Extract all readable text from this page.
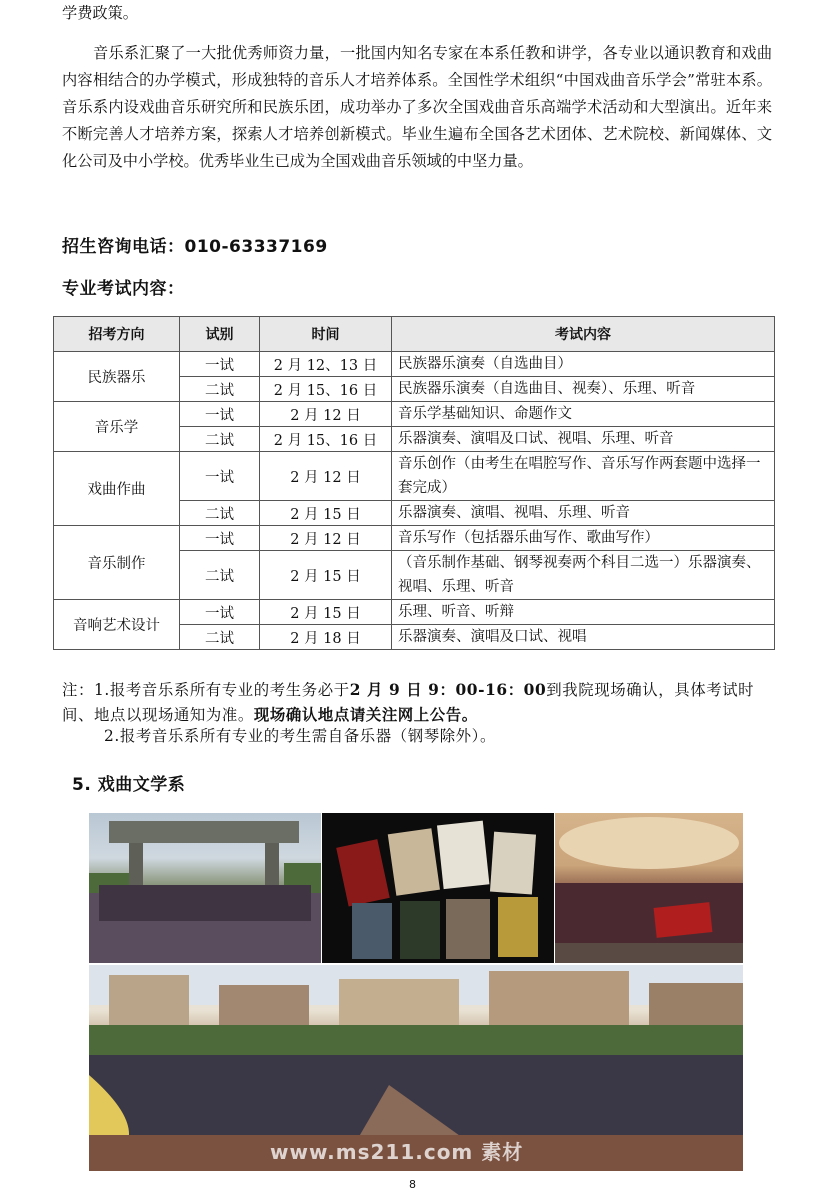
学费政策。

音乐系汇聚了一大批优秀师资力量，一批国内知名专家在本系任教和讲学，各专业以通识教育和戏曲内容相结合的办学模式，形成独特的音乐人才培养体系。全国性学术组织“中国戏曲音乐学会”常驻本系。音乐系内设戏曲音乐研究所和民族乐团，成功举办了多次全国戏曲音乐高端学术活动和大型演出。近年来不断完善人才培养方案，探索人才培养创新模式。毕业生遍布全国各艺术团体、艺术院校、新闻媒体、文化公司及中小学校。优秀毕业生已成为全国戏曲音乐领域的中坚力量。

招生咨询电话：010-63337169
专业考试内容：
招考方向	试别	时间	考试内容
民族器乐	一试	2 月 12、13 日	民族器乐演奏（自选曲目）
	二试	2 月 15、16 日	民族器乐演奏（自选曲目、视奏）、乐理、听音
音乐学	一试	2 月 12 日	音乐学基础知识、命题作文
	二试	2 月 15、16 日	乐器演奏、演唱及口试、视唱、乐理、听音
戏曲作曲	一试	2 月 12 日	音乐创作（由考生在唱腔写作、音乐写作两套题中选择一套完成）
	二试	2 月 15 日	乐器演奏、演唱、视唱、乐理、听音
音乐制作	一试	2 月 12 日	音乐写作（包括器乐曲写作、歌曲写作）
	二试	2 月 15 日	（音乐制作基础、钢琴视奏两个科目二选一）乐器演奏、视唱、乐理、听音
音响艺术设计	一试	2 月 15 日	乐理、听音、听辩
	二试	2 月 18 日	乐器演奏、演唱及口试、视唱
注：1.报考音乐系所有专业的考生务必于2 月 9 日 9：00-16：00到我院现场确认，具体考试时间、地点以现场通知为准。现场确认地点请关注网上公告。
2.报考音乐系所有专业的考生需自备乐器（钢琴除外）。
5. 戏曲文学系
www.ms211.com 素材
8
